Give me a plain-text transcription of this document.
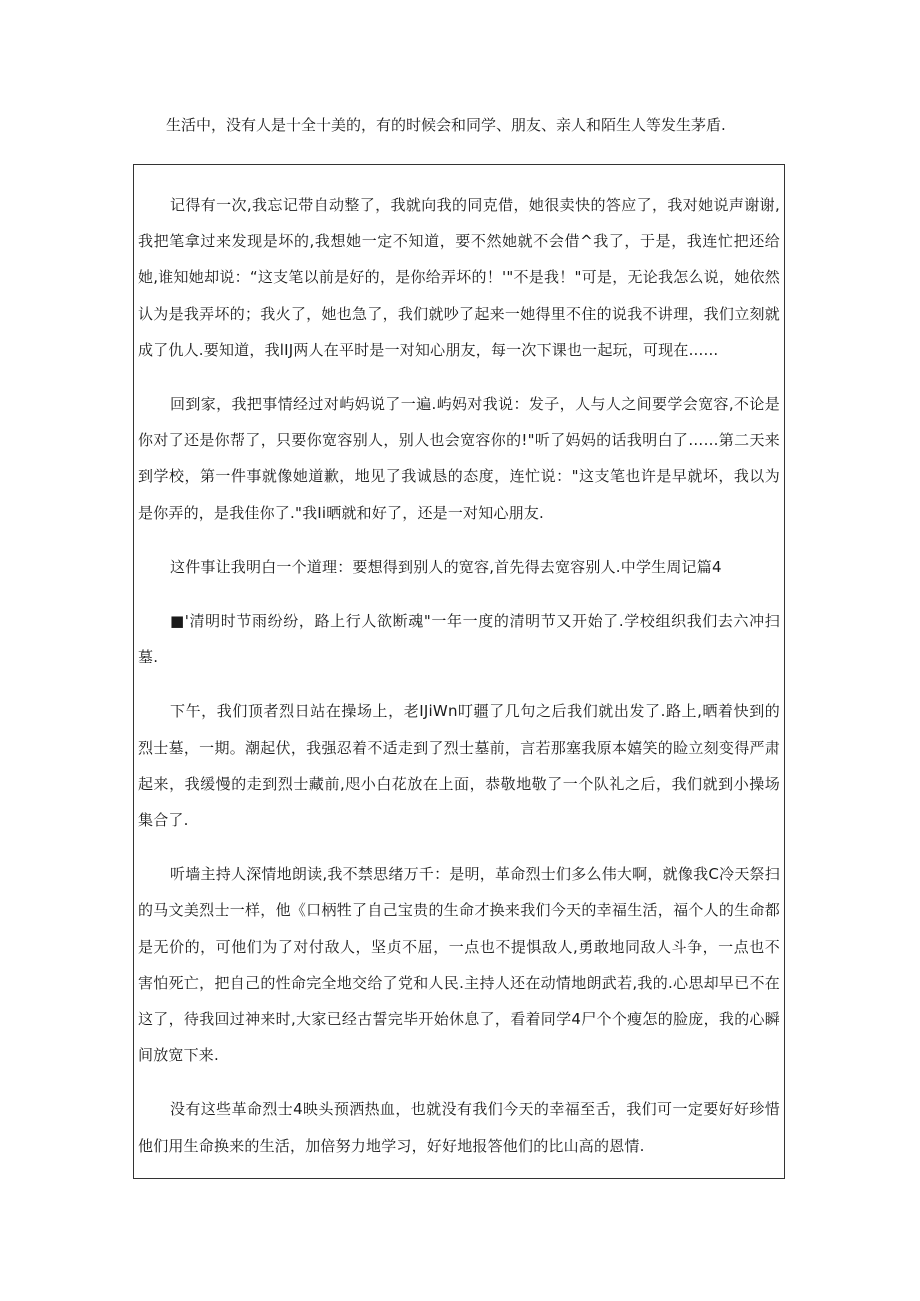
生活中，没有人是十全十美的，有的时候会和同学、朋友、亲人和陌生人等发生茅盾.

记得有一次,我忘记带自动整了，我就向我的同克借，她很卖快的答应了，我对她说声谢谢,我把笔拿过来发现是坏的,我想她一定不知道，要不然她就不会借^我了，于是，我连忙把还给她,谁知她却说：“这支笔以前是好的，是你给弄坏的！'"不是我！"可是，无论我怎么说，她依然认为是我弄坏的；我火了，她也急了，我们就吵了起来一她得里不住的说我不讲理，我们立刻就成了仇人.要知道，我lIJ两人在平时是一对知心朋友，每一次下课也一起玩，可现在......

回到家，我把事情经过对屿妈说了一遍.屿妈对我说：发子，人与人之间要学会宽容,不论是你对了还是你帮了，只要你宽容别人，别人也会宽容你的!"听了妈妈的话我明白了……第二天来到学校，第一件事就像她道歉，地见了我诚恳的态度，连忙说："这支笔也许是早就坏，我以为是你弄的，是我佳你了."我Ii晒就和好了，还是一对知心朋友.

这件事让我明白一个道理：要想得到别人的宽容,首先得去宽容别人.中学生周记篇4

■'清明时节雨纷纷，路上行人欲断魂"一年一度的清明节又开始了.学校组织我们去六冲扫墓.

下午，我们顶者烈日站在操场上，老IJiWn叮疆了几句之后我们就出发了.路上,晒着快到的烈士墓，一期。潮起伏，我强忍着不适走到了烈士墓前，言若那塞我原本嬉笑的睑立刻变得严肃起来，我缓慢的走到烈士藏前,咫小白花放在上面，恭敬地敬了一个队礼之后，我们就到小操场集合了.

听墙主持人深情地朗读,我不禁思绪万千：是明，革命烈士们多么伟大啊，就像我C冷天祭扫的马文美烈士一样，他《口柄牲了自己宝贵的生命才换来我们今天的幸福生活，福个人的生命都是无价的，可他们为了对付敌人，坚贞不屈，一点也不提惧敌人,勇敢地同敌人斗争，一点也不害怕死亡，把自己的性命完全地交给了党和人民.主持人还在动情地朗武若,我的.心思却早已不在这了，待我回过神来时,大家已经古誓完毕开始休息了，看着同学4尸个个瘦怎的脸庞，我的心瞬间放宽下来.

没有这些革命烈士4映头预洒热血，也就没有我们今天的幸福至舌，我们可一定要好好珍惜他们用生命换来的生活，加倍努力地学习，好好地报答他们的比山高的恩情.
